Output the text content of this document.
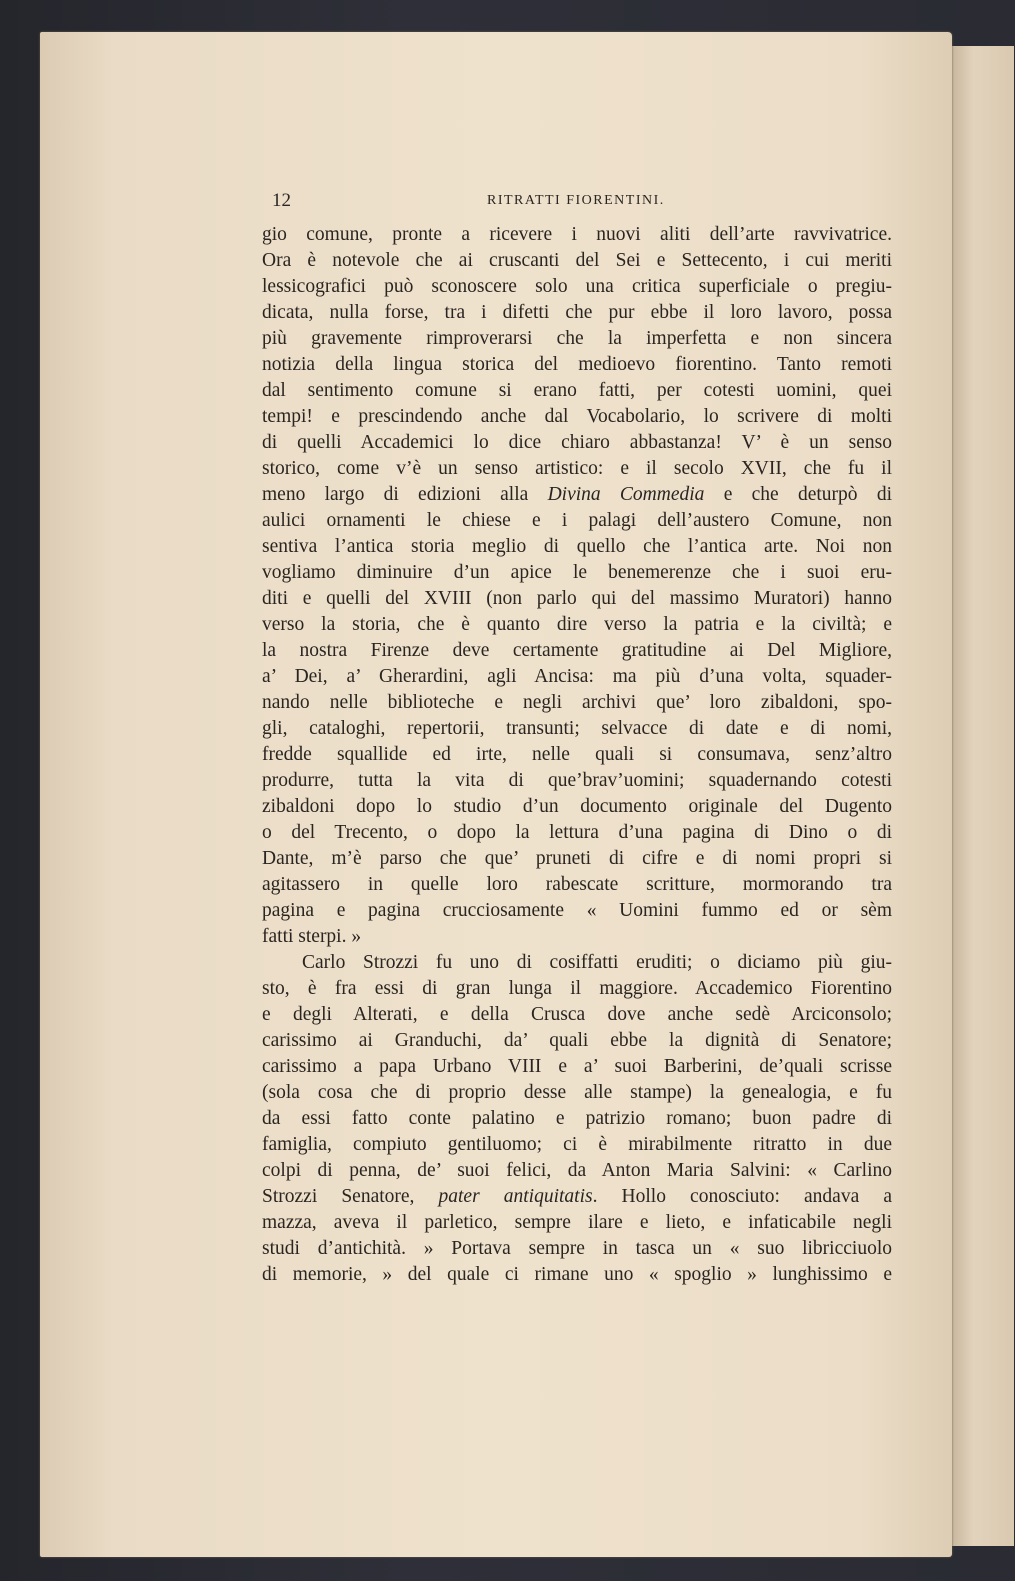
12	RITRATTI FIORENTINI.
gio comune, pronte a ricevere i nuovi aliti dell’arte ravvivatrice.
Ora è notevole che ai cruscanti del Sei e Settecento, i cui meriti
lessicografici può sconoscere solo una critica superficiale o pregiu-
dicata, nulla forse, tra i difetti che pur ebbe il loro lavoro, possa
più gravemente rimproverarsi che la imperfetta e non sincera
notizia della lingua storica del medioevo fiorentino. Tanto remoti
dal sentimento comune si erano fatti, per cotesti uomini, quei
tempi! e prescindendo anche dal Vocabolario, lo scrivere di molti
di quelli Accademici lo dice chiaro abbastanza! V’ è un senso
storico, come v’è un senso artistico: e il secolo XVII, che fu il
meno largo di edizioni alla Divina Commedia e che deturpò di
aulici ornamenti le chiese e i palagi dell’austero Comune, non
sentiva l’antica storia meglio di quello che l’antica arte. Noi non
vogliamo diminuire d’un apice le benemerenze che i suoi eru-
diti e quelli del XVIII (non parlo qui del massimo Muratori) hanno
verso la storia, che è quanto dire verso la patria e la civiltà; e
la nostra Firenze deve certamente gratitudine ai Del Migliore,
a’ Dei, a’ Gherardini, agli Ancisa: ma più d’una volta, squader-
nando nelle biblioteche e negli archivi que’ loro zibaldoni, spo-
gli, cataloghi, repertorii, transunti; selvacce di date e di nomi,
fredde squallide ed irte, nelle quali si consumava, senz’altro
produrre, tutta la vita di que’brav’uomini; squadernando cotesti
zibaldoni dopo lo studio d’un documento originale del Dugento
o del Trecento, o dopo la lettura d’una pagina di Dino o di
Dante, m’è parso che que’ pruneti di cifre e di nomi propri si
agitassero in quelle loro rabescate scritture, mormorando tra
pagina e pagina crucciosamente « Uomini fummo ed or sèm
fatti sterpi. »
Carlo Strozzi fu uno di cosiffatti eruditi; o diciamo più giu-
sto, è fra essi di gran lunga il maggiore. Accademico Fiorentino
e degli Alterati, e della Crusca dove anche sedè Arciconsolo;
carissimo ai Granduchi, da’ quali ebbe la dignità di Senatore;
carissimo a papa Urbano VIII e a’ suoi Barberini, de’quali scrisse
(sola cosa che di proprio desse alle stampe) la genealogia, e fu
da essi fatto conte palatino e patrizio romano; buon padre di
famiglia, compiuto gentiluomo; ci è mirabilmente ritratto in due
colpi di penna, de’ suoi felici, da Anton Maria Salvini: « Carlino
Strozzi Senatore, pater antiquitatis. Hollo conosciuto: andava a
mazza, aveva il parletico, sempre ilare e lieto, e infaticabile negli
studi d’antichità. » Portava sempre in tasca un « suo libricciuolo
di memorie, » del quale ci rimane uno « spoglio » lunghissimo e
